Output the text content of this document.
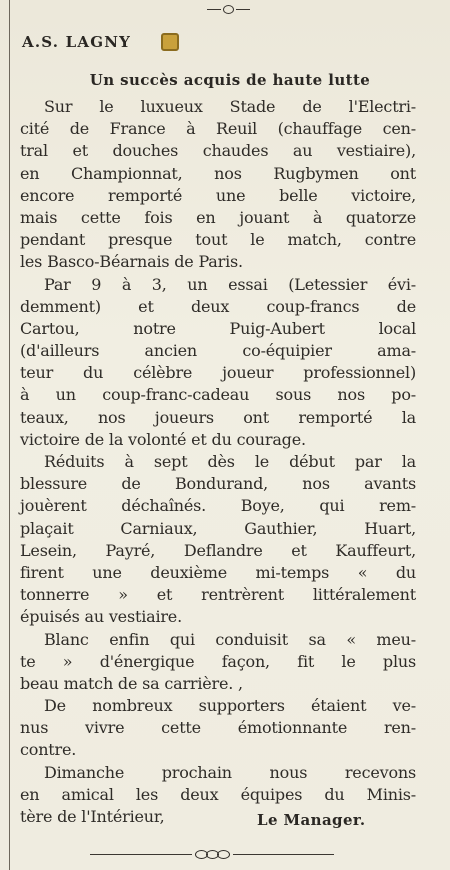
A.S. LAGNY
Un succès acquis de haute lutte
Sur le luxueux Stade de l'Electri-
cité de France à Reuil (chauffage cen-
tral et douches chaudes au vestiaire),
en Championnat, nos Rugbymen ont
encore remporté une belle victoire,
mais cette fois en jouant à quatorze
pendant presque tout le match, contre
les Basco-Béarnais de Paris.
Par 9 à 3, un essai (Letessier évi-
demment) et deux coup-francs de
Cartou, notre Puig-Aubert local
(d'ailleurs ancien co-équipier ama-
teur du célèbre joueur professionnel)
à un coup-franc-cadeau sous nos po-
teaux, nos joueurs ont remporté la
victoire de la volonté et du courage.
Réduits à sept dès le début par la
blessure de Bondurand, nos avants
jouèrent déchaînés. Boye, qui rem-
plaçait Carniaux, Gauthier, Huart,
Lesein, Payré, Deflandre et Kauffeurt,
firent une deuxième mi-temps « du
tonnerre » et rentrèrent littéralement
épuisés au vestiaire.
Blanc enfin qui conduisit sa « meu-
te » d'énergique façon, fit le plus
beau match de sa carrière. ,
De nombreux supporters étaient ve-
nus vivre cette émotionnante ren-
contre.
Dimanche prochain nous recevons
en amical les deux équipes du Minis-
tère de l'Intérieur,	Le Manager.
